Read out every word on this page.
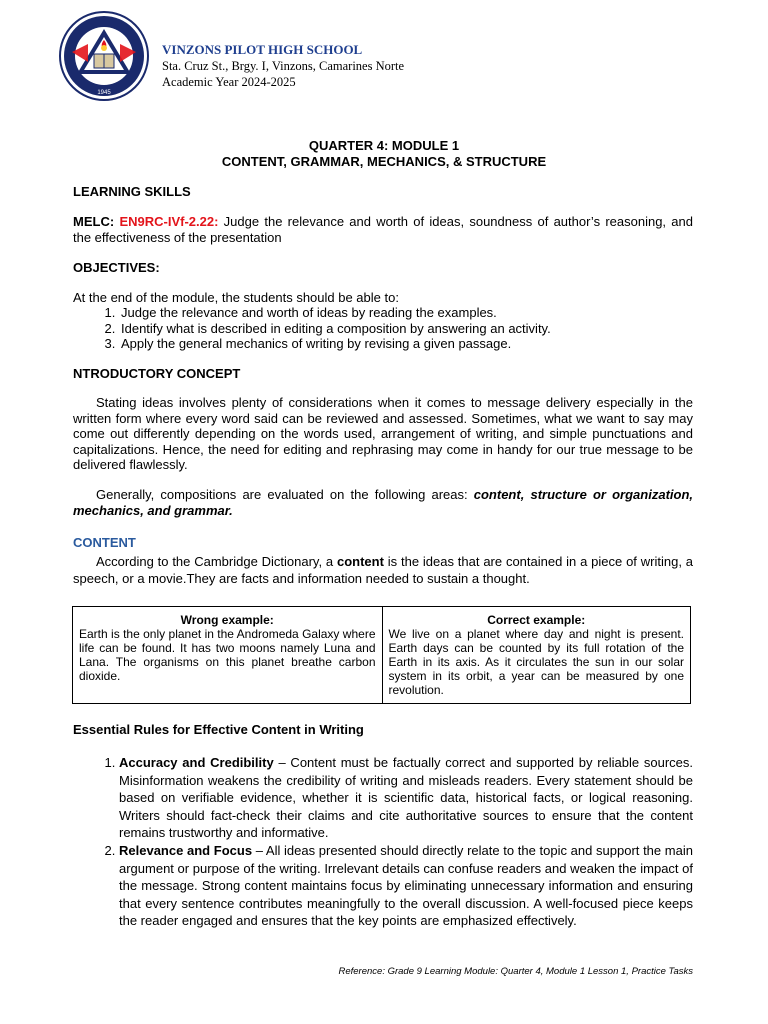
1945
VINZONS PILOT HIGH SCHOOL
Sta. Cruz St., Brgy. I, Vinzons, Camarines Norte
Academic Year 2024-2025
QUARTER 4: MODULE 1
CONTENT, GRAMMAR, MECHANICS, & STRUCTURE
LEARNING SKILLS
MELC: EN9RC-IVf-2.22: Judge the relevance and worth of ideas, soundness of author’s reasoning, and the effectiveness of the presentation
OBJECTIVES:
At the end of the module, the students should be able to:
1. Judge the relevance and worth of ideas by reading the examples.
2. Identify what is described in editing a composition by answering an activity.
3. Apply the general mechanics of writing by revising a given passage.
NTRODUCTORY CONCEPT
Stating ideas involves plenty of considerations when it comes to message delivery especially in the written form where every word said can be reviewed and assessed. Sometimes, what we want to say may come out differently depending on the words used, arrangement of writing, and simple punctuations and capitalizations. Hence, the need for editing and rephrasing may come in handy for our true message to be delivered flawlessly.
Generally, compositions are evaluated on the following areas: content, structure or organization, mechanics, and grammar.
CONTENT
According to the Cambridge Dictionary, a content is the ideas that are contained in a piece of writing, a speech, or a movie.They are facts and information needed to sustain a thought.
Wrong example:
Earth is the only planet in the Andromeda Galaxy where life can be found. It has two moons namely Luna and Lana. The organisms on this planet breathe carbon dioxide.
Correct example:
We live on a planet where day and night is present. Earth days can be counted by its full rotation of the Earth in its axis. As it circulates the sun in our solar system in its orbit, a year can be measured by one revolution.
Essential Rules for Effective Content in Writing
1. Accuracy and Credibility – Content must be factually correct and supported by reliable sources. Misinformation weakens the credibility of writing and misleads readers. Every statement should be based on verifiable evidence, whether it is scientific data, historical facts, or logical reasoning. Writers should fact-check their claims and cite authoritative sources to ensure that the content remains trustworthy and informative.
2. Relevance and Focus – All ideas presented should directly relate to the topic and support the main argument or purpose of the writing. Irrelevant details can confuse readers and weaken the impact of the message. Strong content maintains focus by eliminating unnecessary information and ensuring that every sentence contributes meaningfully to the overall discussion. A well-focused piece keeps the reader engaged and ensures that the key points are emphasized effectively.
Reference: Grade 9 Learning Module: Quarter 4, Module 1 Lesson 1, Practice Tasks
